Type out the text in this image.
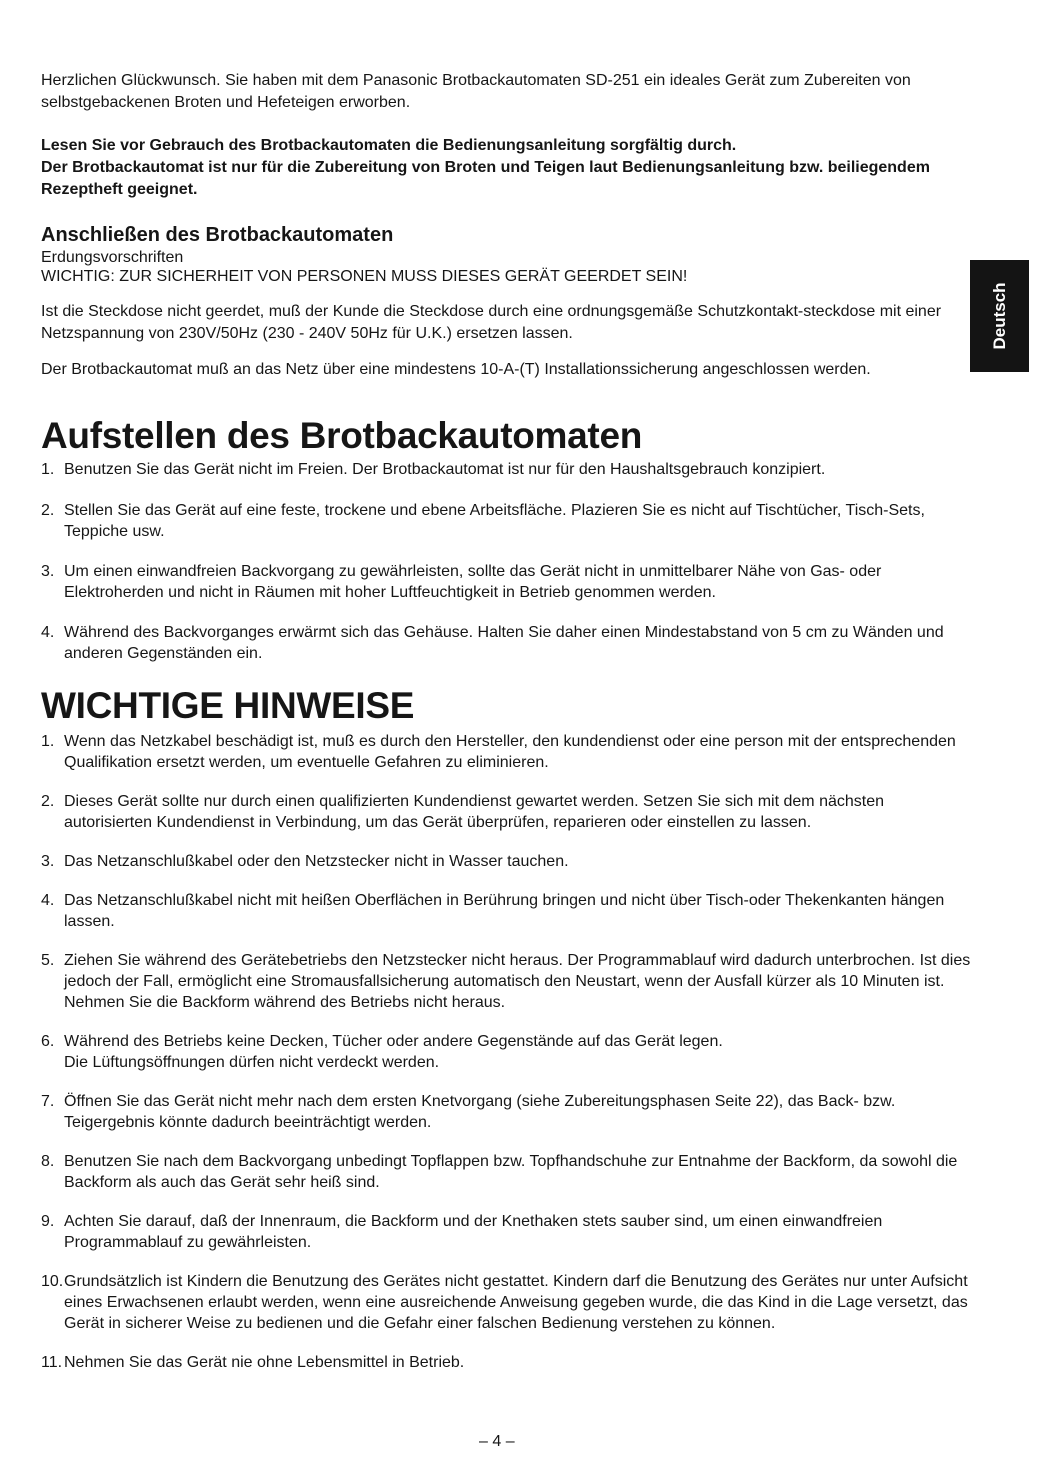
Herzlichen Glückwunsch. Sie haben mit dem Panasonic Brotbackautomaten SD-251 ein ideales Gerät zum Zubereiten von selbstgebackenen Broten und Hefeteigen erworben.

Lesen Sie vor Gebrauch des Brotbackautomaten die Bedienungsanleitung sorgfältig durch.

Der Brotbackautomat ist nur für die Zubereitung von Broten und Teigen laut Bedienungsanleitung bzw. beiliegendem Rezeptheft geeignet.

Anschließen des Brotbackautomaten
Erdungsvorschriften
WICHTIG: ZUR SICHERHEIT VON PERSONEN MUSS DIESES GERÄT GEERDET SEIN!

Ist die Steckdose nicht geerdet, muß der Kunde die Steckdose durch eine ordnungsgemäße Schutzkontakt-steckdose mit einer Netzspannung von 230V/50Hz (230 - 240V 50Hz für U.K.) ersetzen lassen.

Der Brotbackautomat muß an das Netz über eine mindestens 10-A-(T) Installationssicherung angeschlossen werden.

Aufstellen des Brotbackautomaten
1. Benutzen Sie das Gerät nicht im Freien. Der Brotbackautomat ist nur für den Haushaltsgebrauch konzipiert.
2. Stellen Sie das Gerät auf eine feste, trockene und ebene Arbeitsfläche. Plazieren Sie es nicht auf Tischtücher, Tisch-Sets, Teppiche usw.
3. Um einen einwandfreien Backvorgang zu gewährleisten, sollte das Gerät nicht in unmittelbarer Nähe von Gas- oder Elektroherden und nicht in Räumen mit hoher Luftfeuchtigkeit in Betrieb genommen werden.
4. Während des Backvorganges erwärmt sich das Gehäuse. Halten Sie daher einen Mindestabstand von 5 cm zu Wänden und anderen Gegenständen ein.
WICHTIGE HINWEISE
1. Wenn das Netzkabel beschädigt ist, muß es durch den Hersteller, den kundendienst oder eine person mit der entsprechenden Qualifikation ersetzt werden, um eventuelle Gefahren zu eliminieren.
2. Dieses Gerät sollte nur durch einen qualifizierten Kundendienst gewartet werden. Setzen Sie sich mit dem nächsten autorisierten Kundendienst in Verbindung, um das Gerät überprüfen, reparieren oder einstellen zu lassen.
3. Das Netzanschlußkabel oder den Netzstecker nicht in Wasser tauchen.
4. Das Netzanschlußkabel nicht mit heißen Oberflächen in Berührung bringen und nicht über Tisch-oder Thekenkanten hängen lassen.
5. Ziehen Sie während des Gerätebetriebs den Netzstecker nicht heraus. Der Programmablauf wird dadurch unterbrochen. Ist dies jedoch der Fall, ermöglicht eine Stromausfallsicherung automatisch den Neustart, wenn der Ausfall kürzer als 10 Minuten ist.
Nehmen Sie die Backform während des Betriebs nicht heraus.
6. Während des Betriebs keine Decken, Tücher oder andere Gegenstände auf das Gerät legen.
Die Lüftungsöffnungen dürfen nicht verdeckt werden.
7. Öffnen Sie das Gerät nicht mehr nach dem ersten Knetvorgang (siehe Zubereitungsphasen Seite 22), das Back- bzw. Teigergebnis könnte dadurch beeinträchtigt werden.
8. Benutzen Sie nach dem Backvorgang unbedingt Topflappen bzw. Topfhandschuhe zur Entnahme der Backform, da sowohl die Backform als auch das Gerät sehr heiß sind.
9. Achten Sie darauf, daß der Innenraum, die Backform und der Knethaken stets sauber sind, um einen einwandfreien Programmablauf zu gewährleisten.
10. Grundsätzlich ist Kindern die Benutzung des Gerätes nicht gestattet. Kindern darf die Benutzung des Gerätes nur unter Aufsicht eines Erwachsenen erlaubt werden, wenn eine ausreichende Anweisung gegeben wurde, die das Kind in die Lage versetzt, das Gerät in sicherer Weise zu bedienen und die Gefahr einer falschen Bedienung verstehen zu können.
11. Nehmen Sie das Gerät nie ohne Lebensmittel in Betrieb.
Deutsch
– 4 –
